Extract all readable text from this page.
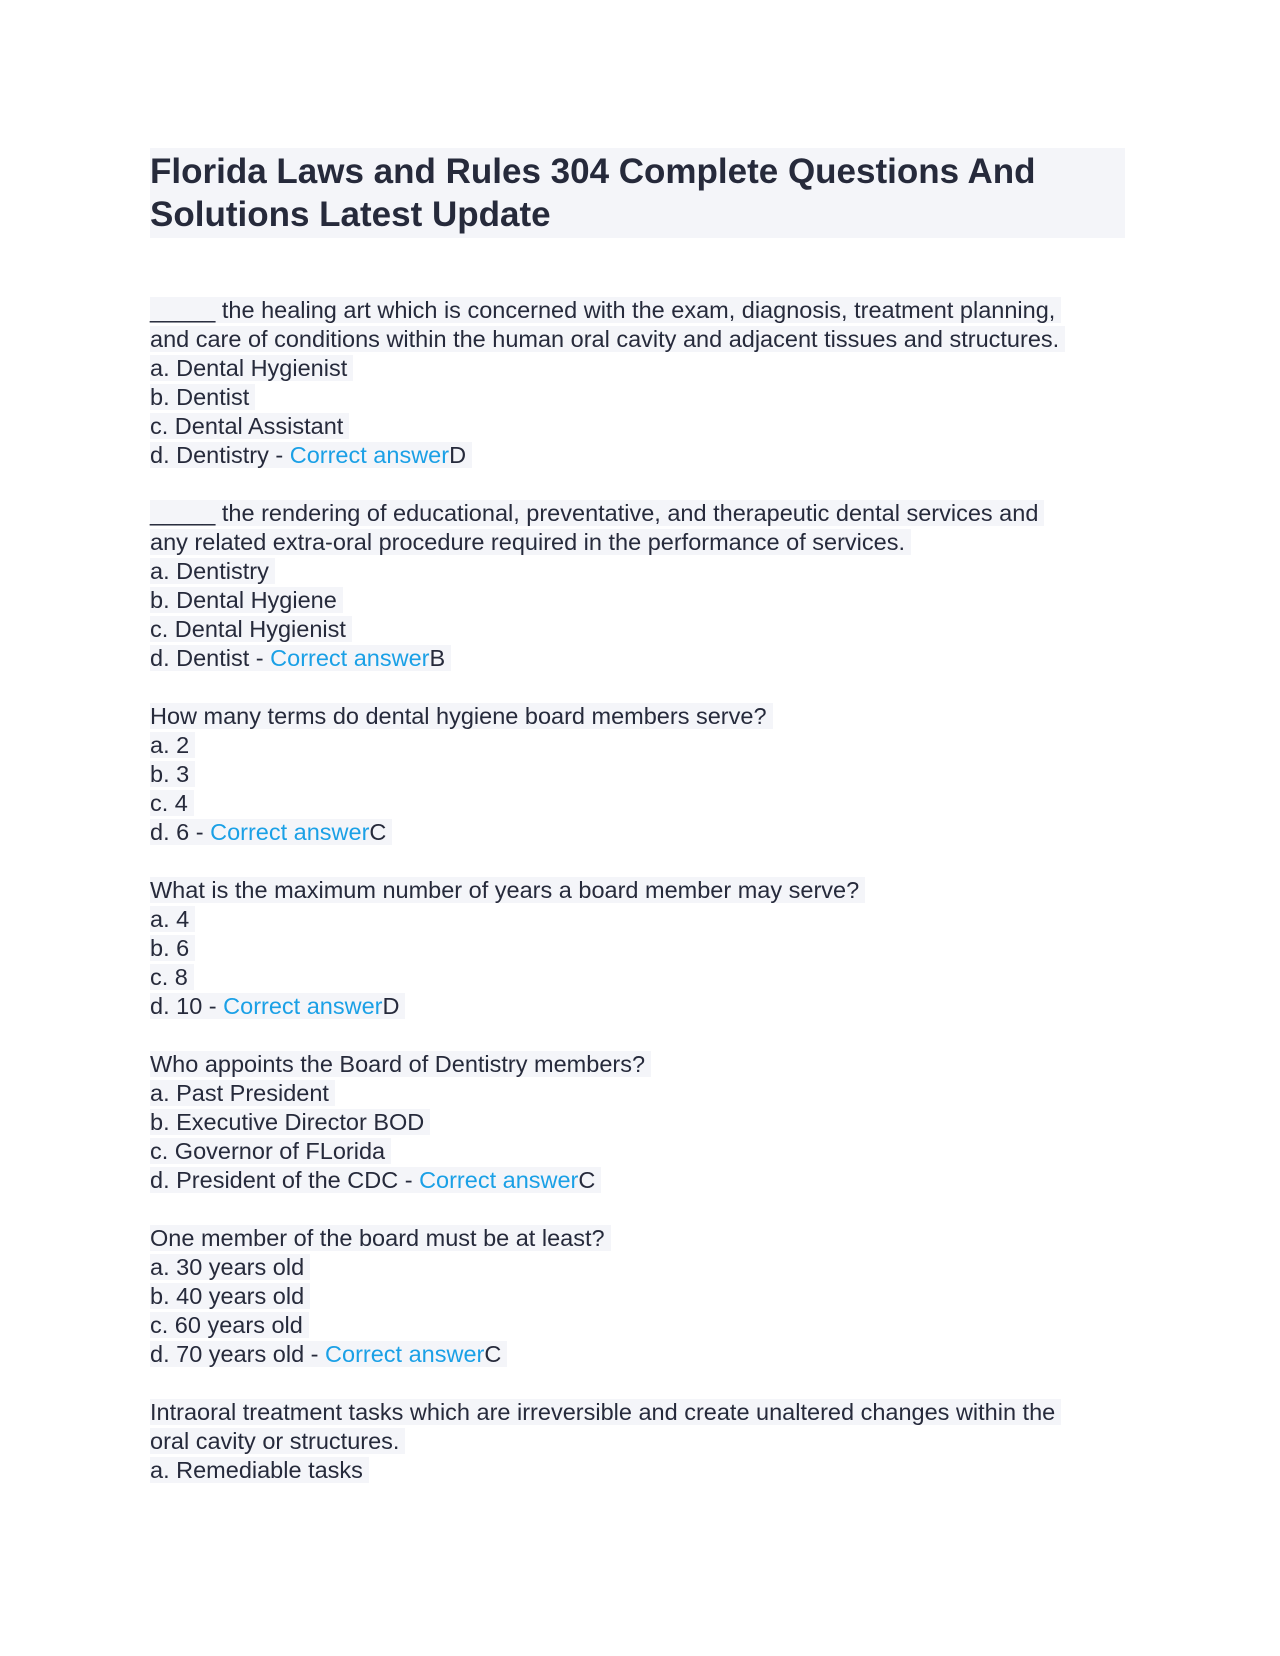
Florida Laws and Rules 304 Complete Questions And
Solutions Latest Update
_____ the healing art which is concerned with the exam, diagnosis, treatment planning,
and care of conditions within the human oral cavity and adjacent tissues and structures.
a. Dental Hygienist
b. Dentist
c. Dental Assistant
d. Dentistry - Correct answerD
_____ the rendering of educational, preventative, and therapeutic dental services and
any related extra-oral procedure required in the performance of services.
a. Dentistry
b. Dental Hygiene
c. Dental Hygienist
d. Dentist - Correct answerB
How many terms do dental hygiene board members serve?
a. 2
b. 3
c. 4
d. 6 - Correct answerC
What is the maximum number of years a board member may serve?
a. 4
b. 6
c. 8
d. 10 - Correct answerD
Who appoints the Board of Dentistry members?
a. Past President
b. Executive Director BOD
c. Governor of FLorida
d. President of the CDC - Correct answerC
One member of the board must be at least?
a. 30 years old
b. 40 years old
c. 60 years old
d. 70 years old - Correct answerC
Intraoral treatment tasks which are irreversible and create unaltered changes within the
oral cavity or structures.
a. Remediable tasks
